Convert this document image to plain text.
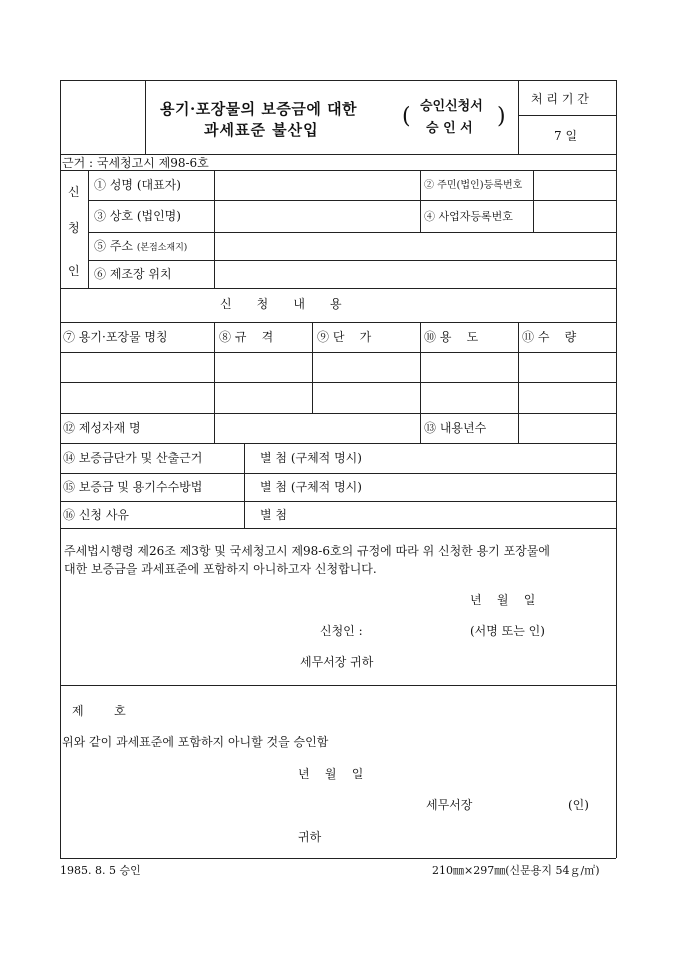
용기·포장물의 보증금에 대한
과세표준 불산입
( 승인신청서
승 인 서 )
처 리 기 간
7 일
근거 : 국세청고시 제98-6호
신
청
인
① 성명 (대표자)	② 주민(법인)등록번호
③ 상호 (법인명)	④ 사업자등록번호
⑤ 주소 (본점소재지)
⑥ 제조장 위치
신     청     내     용
⑦ 용기·포장물 명칭	⑧ 규    격	⑨ 단    가	⑩ 용    도	⑪ 수    량
⑫ 제성자재 명	⑬ 내용년수
⑭ 보증금단가 및 산출근거	별 첨 (구체적 명시)
⑮ 보증금 및 용기수수방법	별 첨 (구체적 명시)
⑯ 신청 사유	별 첨
주세법시행령 제26조 제3항 및 국세청고시 제98-6호의 규정에 따라 위 신청한 용기 포장물에
대한 보증금을 과세표준에 포함하지 아니하고자 신청합니다.
년    월    일
신청인 :	(서명 또는 인)
세무서장 귀하
제        호
위와 같이 과세표준에 포함하지 아니할 것을 승인함
년    월    일
세무서장	(인)
귀하
1985. 8. 5 승인	210㎜×297㎜(신문용지 54ｇ/㎡)
